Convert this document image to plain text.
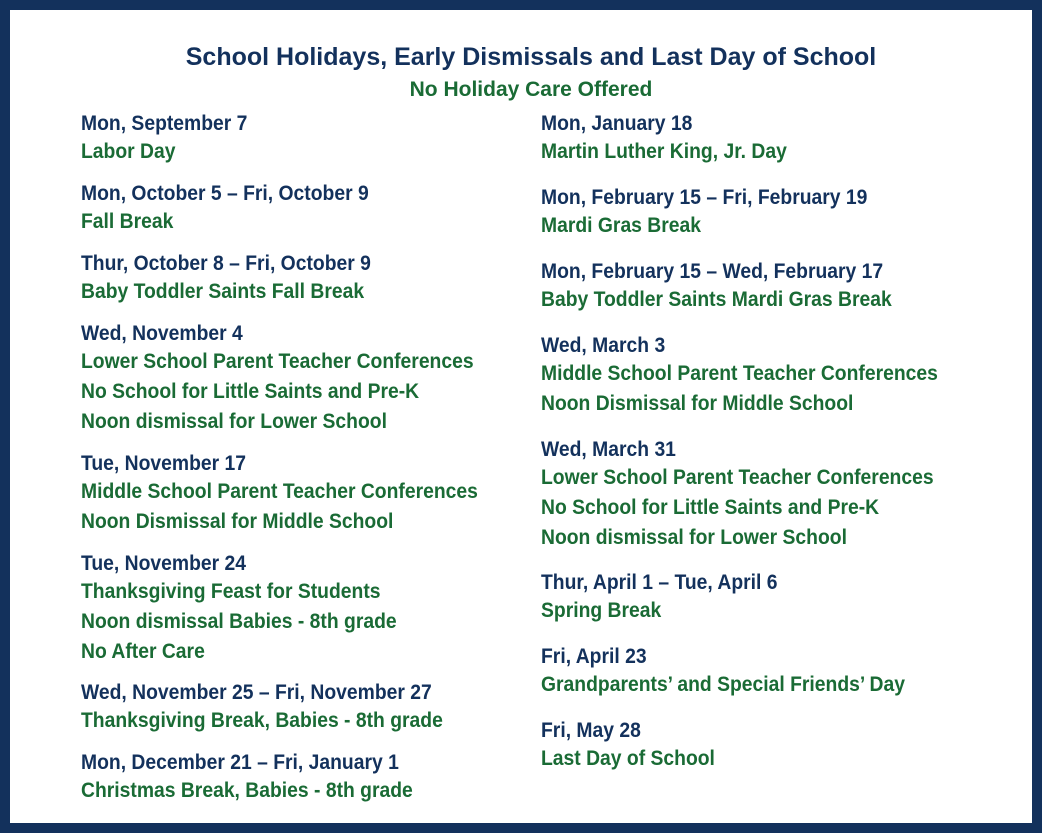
School Holidays, Early Dismissals and Last Day of School
No Holiday Care Offered
Mon, September 7
Labor Day
Mon, October 5 – Fri, October 9
Fall Break
Thur, October 8 – Fri, October 9
Baby Toddler Saints Fall Break
Wed, November 4
Lower School Parent Teacher Conferences
No School for Little Saints and Pre-K
Noon dismissal for Lower School
Tue, November 17
Middle School Parent Teacher Conferences
Noon Dismissal for Middle School
Tue, November 24
Thanksgiving Feast for Students
Noon dismissal Babies - 8th grade
No After Care
Wed, November 25 – Fri, November 27
Thanksgiving Break, Babies - 8th grade
Mon, December 21 – Fri, January 1
Christmas Break, Babies - 8th grade
Mon, January 18
Martin Luther King, Jr. Day
Mon, February 15 – Fri, February 19
Mardi Gras Break
Mon, February 15 – Wed, February 17
Baby Toddler Saints Mardi Gras Break
Wed, March 3
Middle School Parent Teacher Conferences
Noon Dismissal for Middle School
Wed, March 31
Lower School Parent Teacher Conferences
No School for Little Saints and Pre-K
Noon dismissal for Lower School
Thur, April 1 – Tue, April 6
Spring Break
Fri, April 23
Grandparents’ and Special Friends’ Day
Fri, May 28
Last Day of School
